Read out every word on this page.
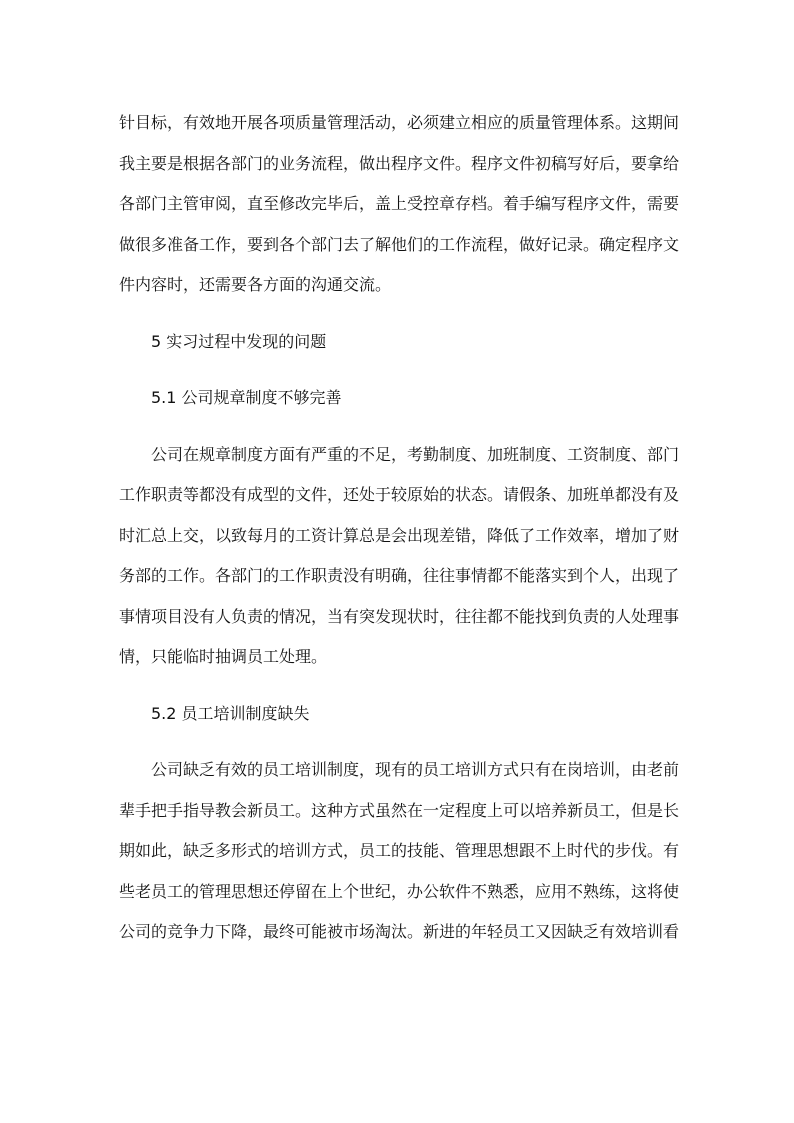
针目标，有效地开展各项质量管理活动，必须建立相应的质量管理体系。这期间我主要是根据各部门的业务流程，做出程序文件。程序文件初稿写好后，要拿给各部门主管审阅，直至修改完毕后，盖上受控章存档。着手编写程序文件，需要做很多准备工作，要到各个部门去了解他们的工作流程，做好记录。确定程序文件内容时，还需要各方面的沟通交流。

5 实习过程中发现的问题

5.1 公司规章制度不够完善

公司在规章制度方面有严重的不足，考勤制度、加班制度、工资制度、部门工作职责等都没有成型的文件，还处于较原始的状态。请假条、加班单都没有及时汇总上交，以致每月的工资计算总是会出现差错，降低了工作效率，增加了财务部的工作。各部门的工作职责没有明确，往往事情都不能落实到个人，出现了事情项目没有人负责的情况，当有突发现状时，往往都不能找到负责的人处理事情，只能临时抽调员工处理。

5.2 员工培训制度缺失

公司缺乏有效的员工培训制度，现有的员工培训方式只有在岗培训，由老前辈手把手指导教会新员工。这种方式虽然在一定程度上可以培养新员工，但是长期如此，缺乏多形式的培训方式，员工的技能、管理思想跟不上时代的步伐。有些老员工的管理思想还停留在上个世纪，办公软件不熟悉，应用不熟练，这将使公司的竞争力下降，最终可能被市场淘汰。新进的年轻员工又因缺乏有效培训看
